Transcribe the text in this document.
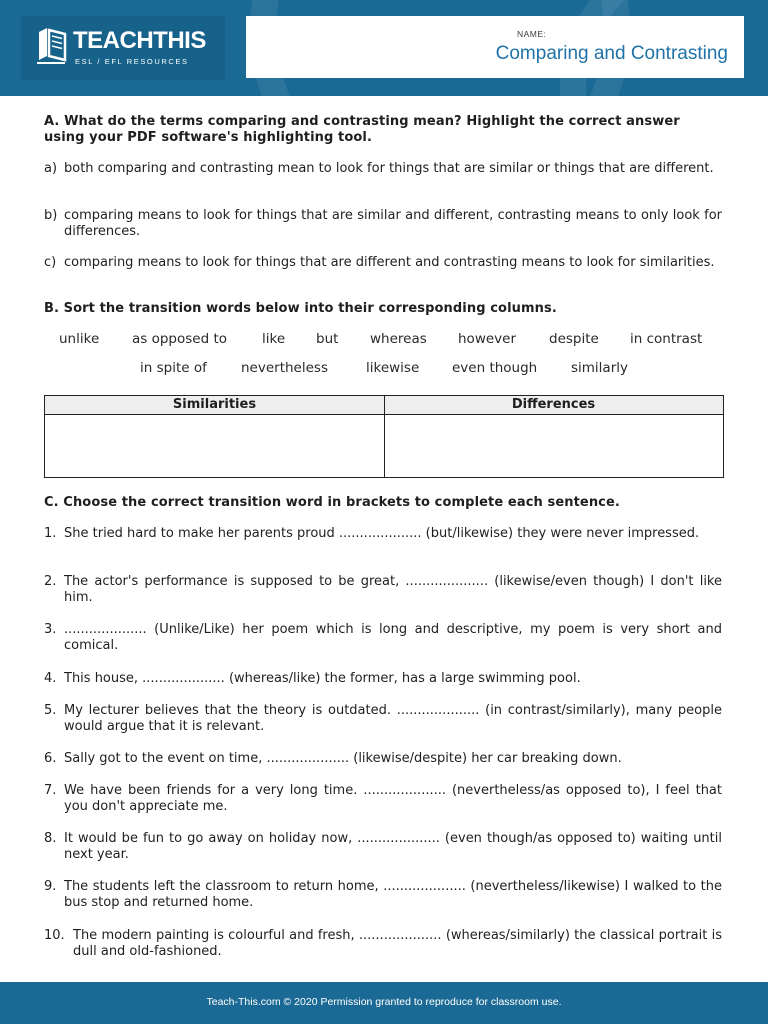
TEACHTHIS
ESL / EFL RESOURCES
NAME:
Comparing and Contrasting
A. What do the terms comparing and contrasting mean? Highlight the correct answer using your PDF software's highlighting tool.
a) both comparing and contrasting mean to look for things that are similar or things that are different.
b) comparing means to look for things that are similar and different, contrasting means to only look for differences.
c) comparing means to look for things that are different and contrasting means to look for similarities.
B. Sort the transition words below into their corresponding columns.
unlike as opposed to	like but whereas however despite in contrast
in spite of	nevertheless	likewise even though	similarly
Similarities	Differences
C. Choose the correct transition word in brackets to complete each sentence.
1. She tried hard to make her parents proud .................... (but/likewise) they were never impressed.
2. The actor's performance is supposed to be great, .................... (likewise/even though) I don't like him.
3. .................... (Unlike/Like) her poem which is long and descriptive, my poem is very short and comical.
4. This house, .................... (whereas/like) the former, has a large swimming pool.
5. My lecturer believes that the theory is outdated. .................... (in contrast/similarly), many people would argue that it is relevant.
6. Sally got to the event on time, .................... (likewise/despite) her car breaking down.
7. We have been friends for a very long time. .................... (nevertheless/as opposed to), I feel that you don't appreciate me.
8. It would be fun to go away on holiday now, .................... (even though/as opposed to) waiting until next year.
9. The students left the classroom to return home, .................... (nevertheless/likewise) I walked to the bus stop and returned home.
10. The modern painting is colourful and fresh, .................... (whereas/similarly) the classical portrait is dull and old-fashioned.
Teach-This.com © 2020 Permission granted to reproduce for classroom use.
